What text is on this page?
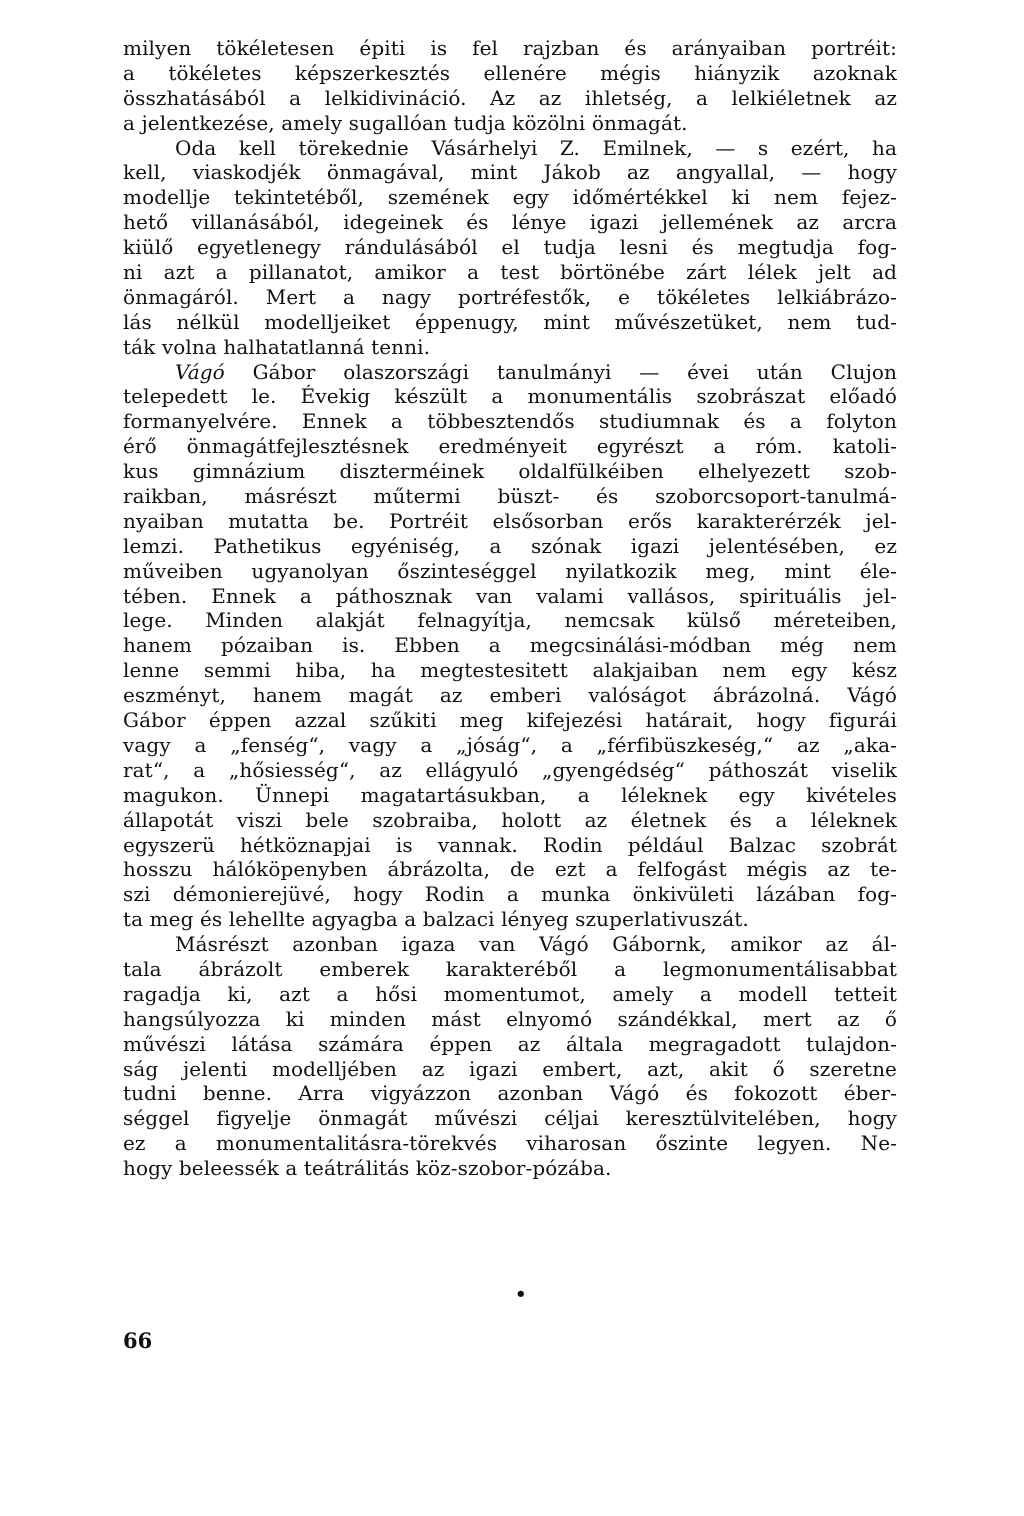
milyen tökéletesen épiti is fel rajzban és arányaiban portréit:
a tökéletes képszerkesztés ellenére mégis hiányzik azoknak
összhatásából a lelkidivináció. Az az ihletség, a lelkiéletnek az
a jelentkezése, amely sugallóan tudja közölni önmagát.
Oda kell törekednie Vásárhelyi Z. Emilnek, — s ezért, ha
kell, viaskodjék önmagával, mint Jákob az angyallal, — hogy
modellje tekintetéből, szemének egy időmértékkel ki nem fejez-
hető villanásából, idegeinek és lénye igazi jellemének az arcra
kiülő egyetlenegy rándulásából el tudja lesni és megtudja fog-
ni azt a pillanatot, amikor a test börtönébe zárt lélek jelt ad
önmagáról. Mert a nagy portréfestők, e tökéletes lelkiábrázo-
lás nélkül modelljeiket éppenugy, mint művészetüket, nem tud-
ták volna halhatatlanná tenni.
Vágó Gábor olaszországi tanulmányi — évei után Clujon
telepedett le. Évekig készült a monumentális szobrászat előadó
formanyelvére. Ennek a többesztendős studiumnak és a folyton
érő önmagátfejlesztésnek eredményeit egyrészt a róm. katoli-
kus gimnázium diszterméinek oldalfülkéiben elhelyezett szob-
raikban, másrészt műtermi büszt- és szoborcsoport-tanulmá-
nyaiban mutatta be. Portréit elsősorban erős karakterérzék jel-
lemzi. Pathetikus egyéniség, a szónak igazi jelentésében, ez
műveiben ugyanolyan őszinteséggel nyilatkozik meg, mint éle-
tében. Ennek a páthosznak van valami vallásos, spirituális jel-
lege. Minden alakját felnagyítja, nemcsak külső méreteiben,
hanem pózaiban is. Ebben a megcsinálási-módban még nem
lenne semmi hiba, ha megtestesitett alakjaiban nem egy kész
eszményt, hanem magát az emberi valóságot ábrázolná. Vágó
Gábor éppen azzal szűkiti meg kifejezési határait, hogy figurái
vagy a „fenség“, vagy a „jóság“, a „férfibüszkeség,“ az „aka-
rat“, a „hősiesség“, az ellágyuló „gyengédség“ páthoszát viselik
magukon. Ünnepi magatartásukban, a léleknek egy kivételes
állapotát viszi bele szobraiba, holott az életnek és a léleknek
egyszerü hétköznapjai is vannak. Rodin például Balzac szobrát
hosszu hálóköpenyben ábrázolta, de ezt a felfogást mégis az te-
szi démonierejüvé, hogy Rodin a munka önkivületi lázában fog-
ta meg és lehellte agyagba a balzaci lényeg szuperlativuszát.
Másrészt azonban igaza van Vágó Gábornk, amikor az ál-
tala ábrázolt emberek karakteréből a legmonumentálisabbat
ragadja ki, azt a hősi momentumot, amely a modell tetteit
hangsúlyozza ki minden mást elnyomó szándékkal, mert az ő
művészi látása számára éppen az általa megragadott tulajdon-
ság jelenti modelljében az igazi embert, azt, akit ő szeretne
tudni benne. Arra vigyázzon azonban Vágó és fokozott éber-
séggel figyelje önmagát művészi céljai keresztülvitelében, hogy
ez a monumentalitásra-törekvés viharosan őszinte legyen. Ne-
hogy beleessék a teátrálitás köz-szobor-pózába.
•
66
